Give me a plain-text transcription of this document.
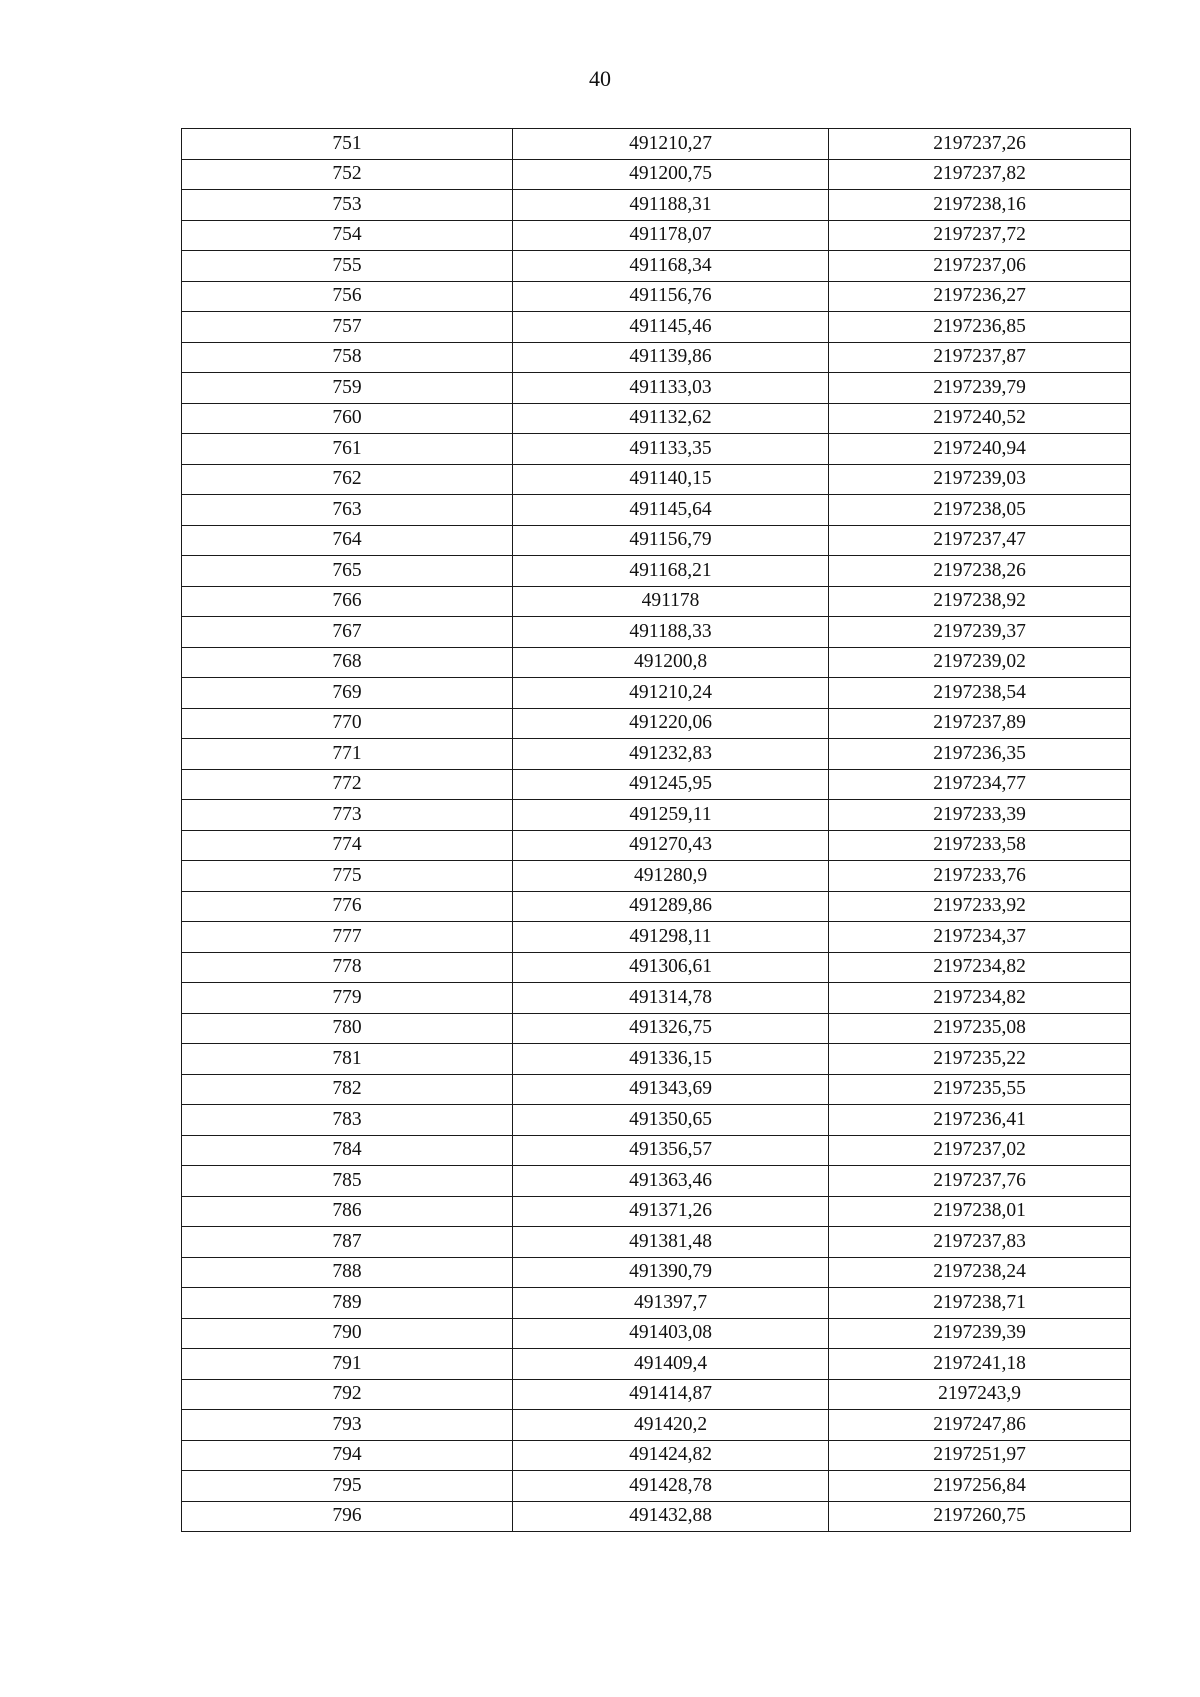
40
751	491210,27	2197237,26
752	491200,75	2197237,82
753	491188,31	2197238,16
754	491178,07	2197237,72
755	491168,34	2197237,06
756	491156,76	2197236,27
757	491145,46	2197236,85
758	491139,86	2197237,87
759	491133,03	2197239,79
760	491132,62	2197240,52
761	491133,35	2197240,94
762	491140,15	2197239,03
763	491145,64	2197238,05
764	491156,79	2197237,47
765	491168,21	2197238,26
766	491178	2197238,92
767	491188,33	2197239,37
768	491200,8	2197239,02
769	491210,24	2197238,54
770	491220,06	2197237,89
771	491232,83	2197236,35
772	491245,95	2197234,77
773	491259,11	2197233,39
774	491270,43	2197233,58
775	491280,9	2197233,76
776	491289,86	2197233,92
777	491298,11	2197234,37
778	491306,61	2197234,82
779	491314,78	2197234,82
780	491326,75	2197235,08
781	491336,15	2197235,22
782	491343,69	2197235,55
783	491350,65	2197236,41
784	491356,57	2197237,02
785	491363,46	2197237,76
786	491371,26	2197238,01
787	491381,48	2197237,83
788	491390,79	2197238,24
789	491397,7	2197238,71
790	491403,08	2197239,39
791	491409,4	2197241,18
792	491414,87	2197243,9
793	491420,2	2197247,86
794	491424,82	2197251,97
795	491428,78	2197256,84
796	491432,88	2197260,75
